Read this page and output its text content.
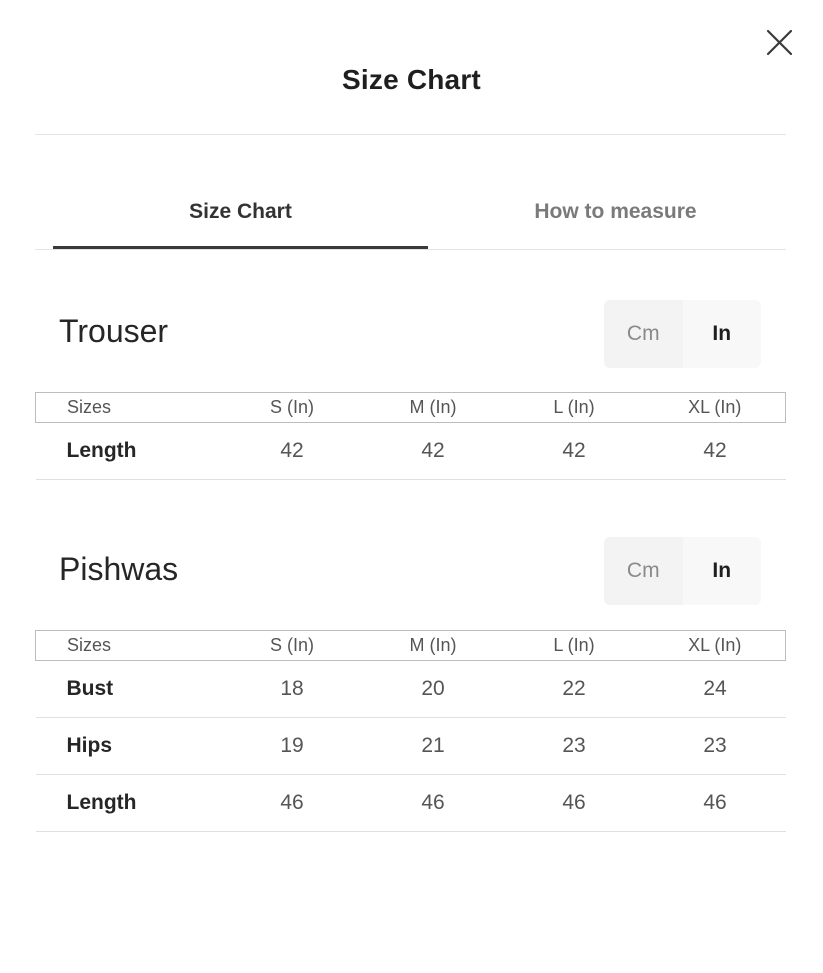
Size Chart
Size Chart	How to measure
Trouser	Cm	In
Sizes	S (In)	M (In)	L (In)	XL (In)
Length	42	42	42	42
Pishwas	Cm	In
Sizes	S (In)	M (In)	L (In)	XL (In)
Bust	18	20	22	24
Hips	19	21	23	23
Length	46	46	46	46
